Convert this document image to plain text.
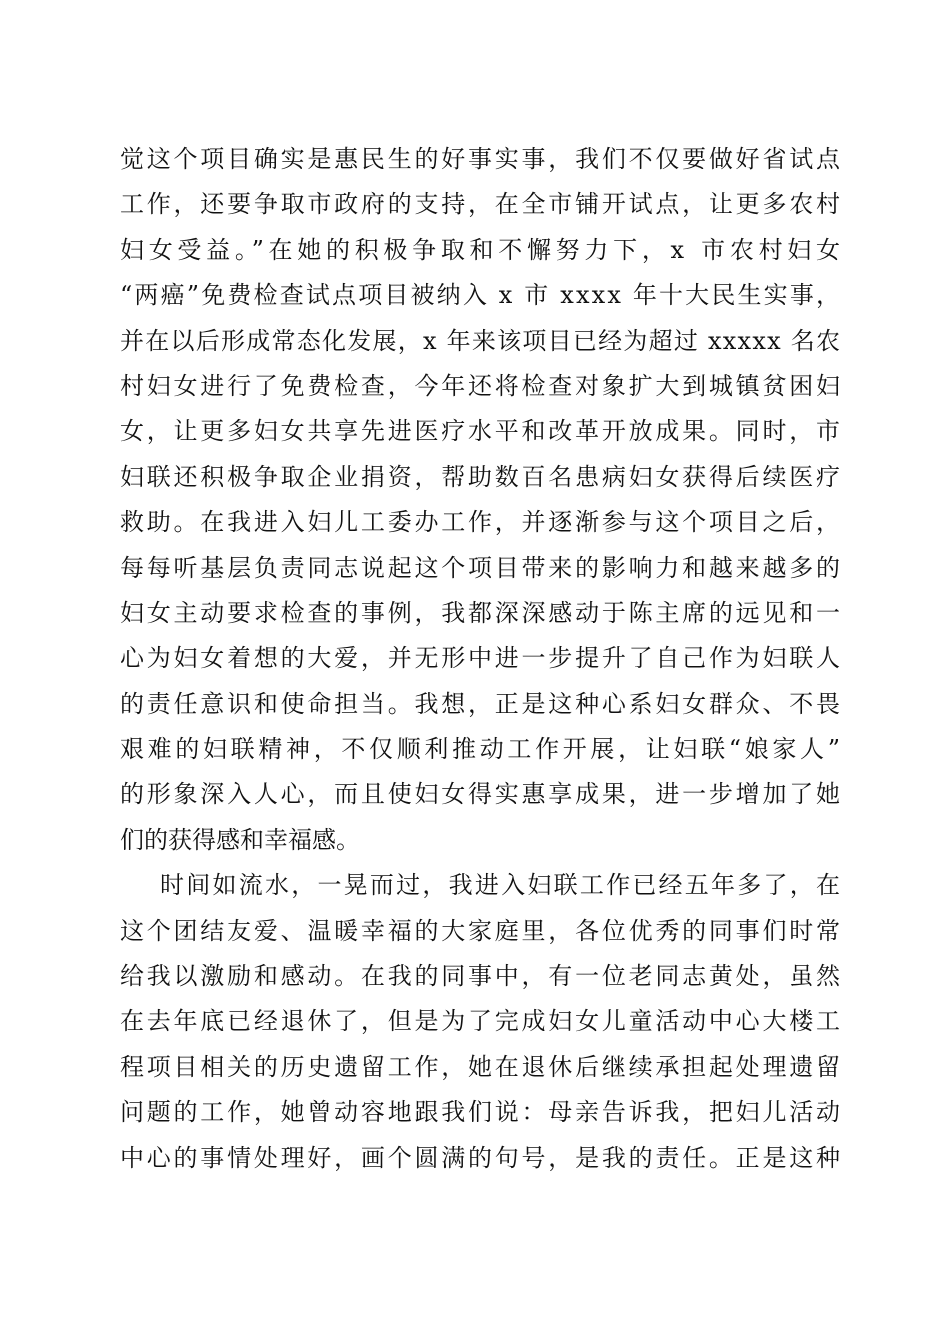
觉这个项目确实是惠民生的好事实事，我们不仅要做好省试点
工作，还要争取市政府的支持，在全市铺开试点，让更多农村
妇女受益。”在她的积极争取和不懈努力下，x 市农村妇女
“两癌”免费检查试点项目被纳入 x 市 xxxx 年十大民生实事，
并在以后形成常态化发展，x 年来该项目已经为超过 xxxxx 名农
村妇女进行了免费检查，今年还将检查对象扩大到城镇贫困妇
女，让更多妇女共享先进医疗水平和改革开放成果。同时，市
妇联还积极争取企业捐资，帮助数百名患病妇女获得后续医疗
救助。在我进入妇儿工委办工作，并逐渐参与这个项目之后，
每每听基层负责同志说起这个项目带来的影响力和越来越多的
妇女主动要求检查的事例，我都深深感动于陈主席的远见和一
心为妇女着想的大爱，并无形中进一步提升了自己作为妇联人
的责任意识和使命担当。我想，正是这种心系妇女群众、不畏
艰难的妇联精神，不仅顺利推动工作开展，让妇联“娘家人”
的形象深入人心，而且使妇女得实惠享成果，进一步增加了她
们的获得感和幸福感。
时间如流水，一晃而过，我进入妇联工作已经五年多了，在
这个团结友爱、温暖幸福的大家庭里，各位优秀的同事们时常
给我以激励和感动。在我的同事中，有一位老同志黄处，虽然
在去年底已经退休了，但是为了完成妇女儿童活动中心大楼工
程项目相关的历史遗留工作，她在退休后继续承担起处理遗留
问题的工作，她曾动容地跟我们说：母亲告诉我，把妇儿活动
中心的事情处理好，画个圆满的句号，是我的责任。正是这种
